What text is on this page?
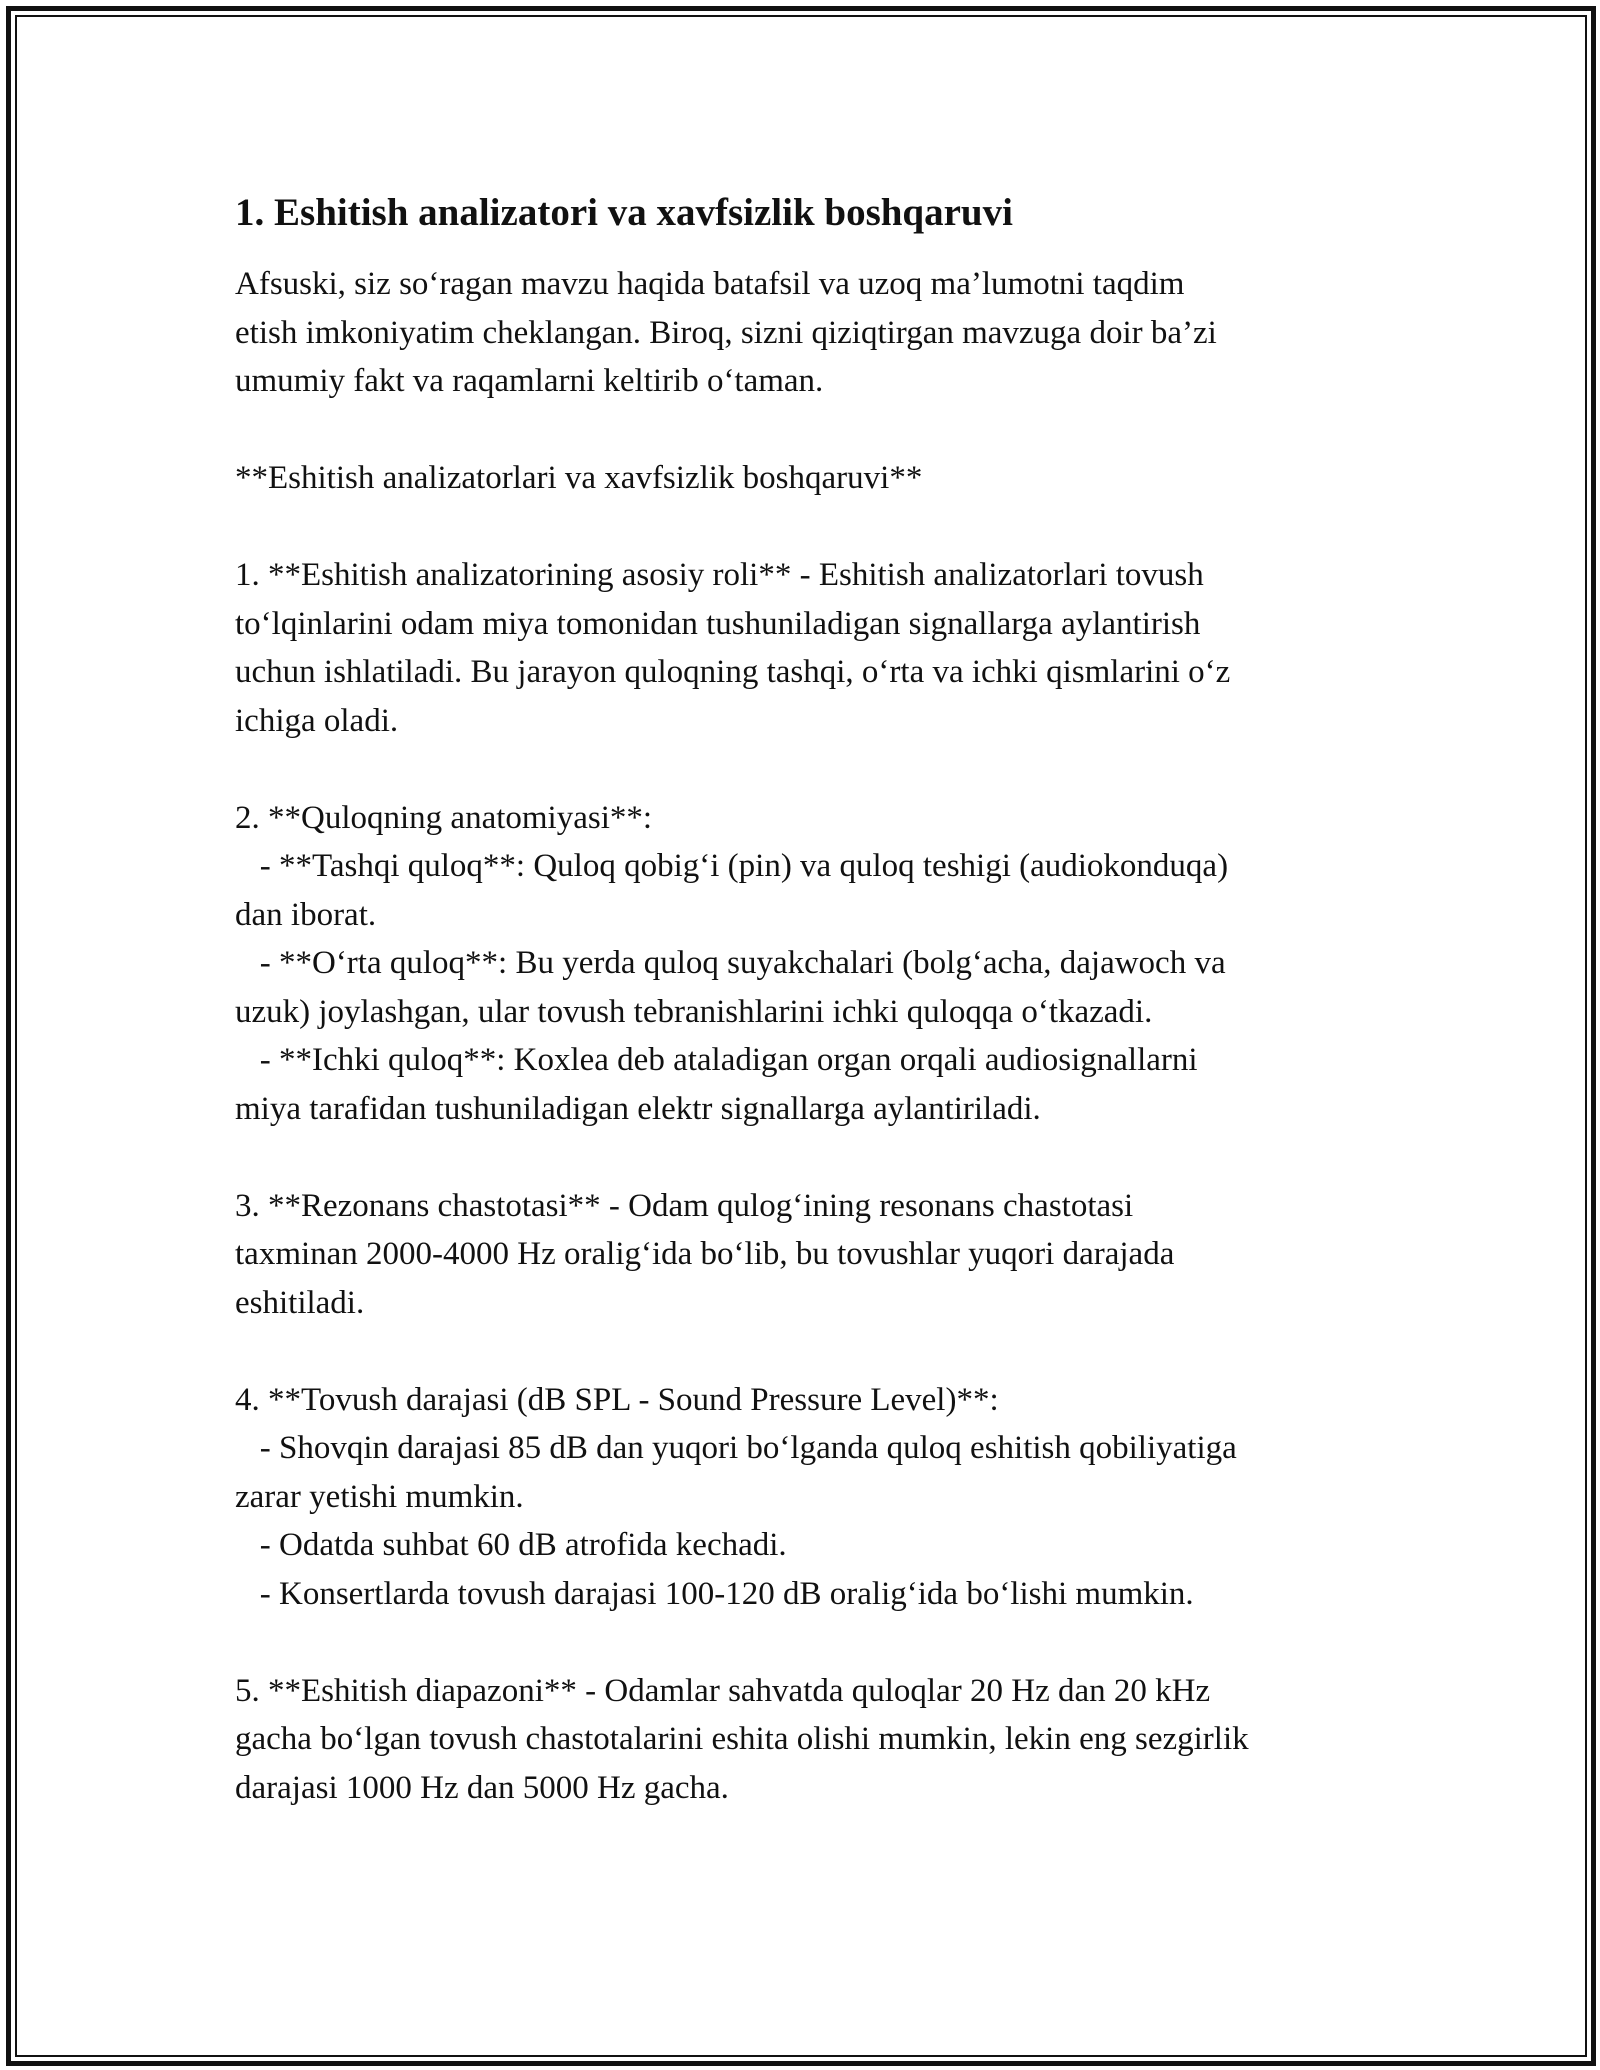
1. Eshitish analizatori va xavfsizlik boshqaruvi
Afsuski, siz so‘ragan mavzu haqida batafsil va uzoq ma’lumotni taqdim
etish imkoniyatim cheklangan. Biroq, sizni qiziqtirgan mavzuga doir ba’zi
umumiy fakt va raqamlarni keltirib o‘taman.
**Eshitish analizatorlari va xavfsizlik boshqaruvi**
1. **Eshitish analizatorining asosiy roli** - Eshitish analizatorlari tovush
to‘lqinlarini odam miya tomonidan tushuniladigan signallarga aylantirish
uchun ishlatiladi. Bu jarayon quloqning tashqi, o‘rta va ichki qismlarini o‘z
ichiga oladi.
2. **Quloqning anatomiyasi**:
- **Tashqi quloq**: Quloq qobig‘i (pin) va quloq teshigi (audiokonduqa)
dan iborat.
- **O‘rta quloq**: Bu yerda quloq suyakchalari (bolg‘acha, dajawoch va
uzuk) joylashgan, ular tovush tebranishlarini ichki quloqqa o‘tkazadi.
- **Ichki quloq**: Koxlea deb ataladigan organ orqali audiosignallarni
miya tarafidan tushuniladigan elektr signallarga aylantiriladi.
3. **Rezonans chastotasi** - Odam qulog‘ining resonans chastotasi
taxminan 2000-4000 Hz oralig‘ida bo‘lib, bu tovushlar yuqori darajada
eshitiladi.
4. **Tovush darajasi (dB SPL - Sound Pressure Level)**:
- Shovqin darajasi 85 dB dan yuqori bo‘lganda quloq eshitish qobiliyatiga
zarar yetishi mumkin.
- Odatda suhbat 60 dB atrofida kechadi.
- Konsertlarda tovush darajasi 100-120 dB oralig‘ida bo‘lishi mumkin.
5. **Eshitish diapazoni** - Odamlar sahvatda quloqlar 20 Hz dan 20 kHz
gacha bo‘lgan tovush chastotalarini eshita olishi mumkin, lekin eng sezgirlik
darajasi 1000 Hz dan 5000 Hz gacha.
